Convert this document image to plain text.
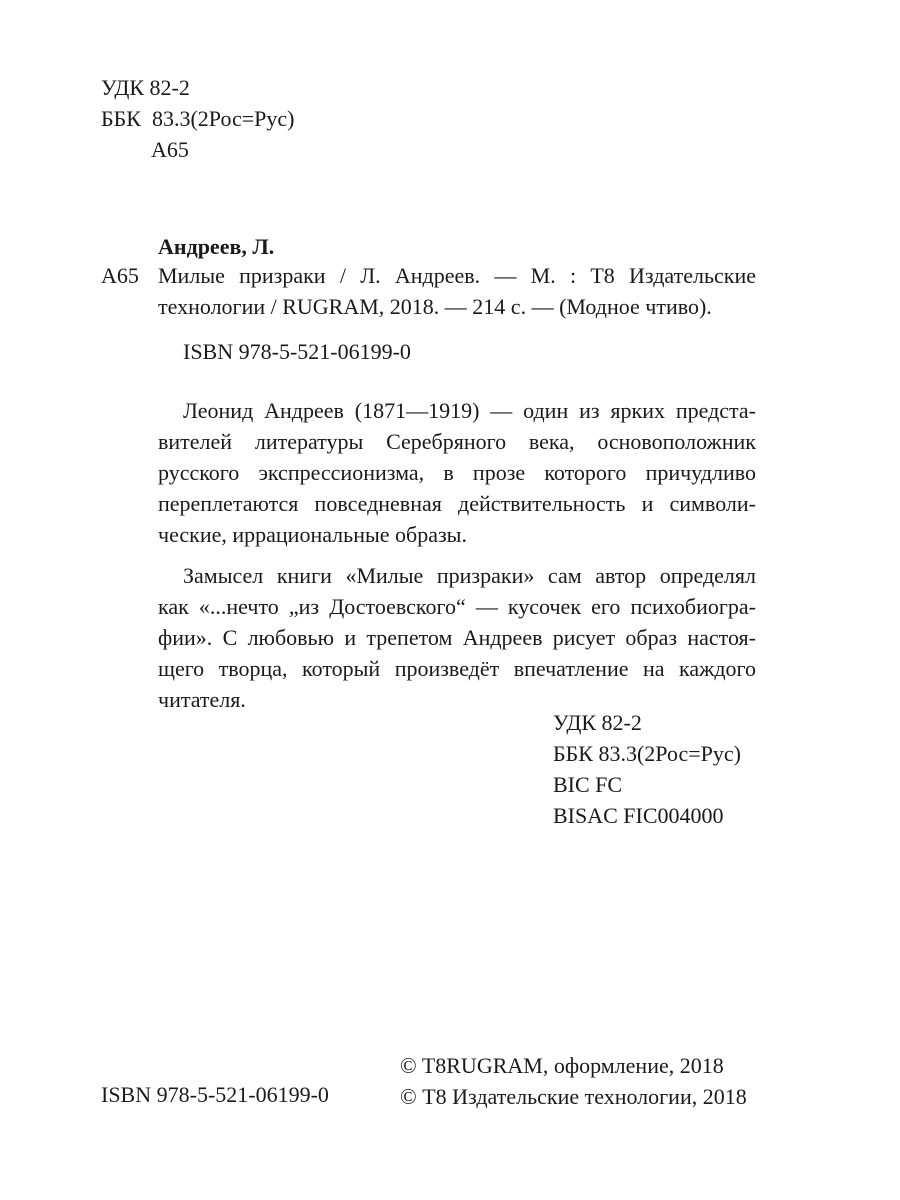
УДК 82-2
ББК  83.3(2Рос=Рус)
А65
Андреев, Л.
А65 Милые призраки / Л. Андреев. — М. : Т8 Издательские
технологии / RUGRAM, 2018. — 214 с. — (Модное чтиво).
ISBN 978-5-521-06199-0
Леонид Андреев (1871—1919) — один из ярких предста-
вителей литературы Серебряного века, основоположник
русского экспрессионизма, в прозе которого причудливо
переплетаются повседневная действительность и символи-
ческие, иррациональные образы.
Замысел книги «Милые призраки» сам автор определял
как «...нечто „из Достоевского“ — кусочек его психобиогра-
фии». С любовью и трепетом Андреев рисует образ настоя-
щего творца, который произведёт впечатление на каждого
читателя.
УДК 82-2
ББК 83.3(2Рос=Рус)
BIC FC
BISAC FIC004000
© T8RUGRAM, оформление, 2018
© Т8 Издательские технологии, 2018
ISBN 978-5-521-06199-0
